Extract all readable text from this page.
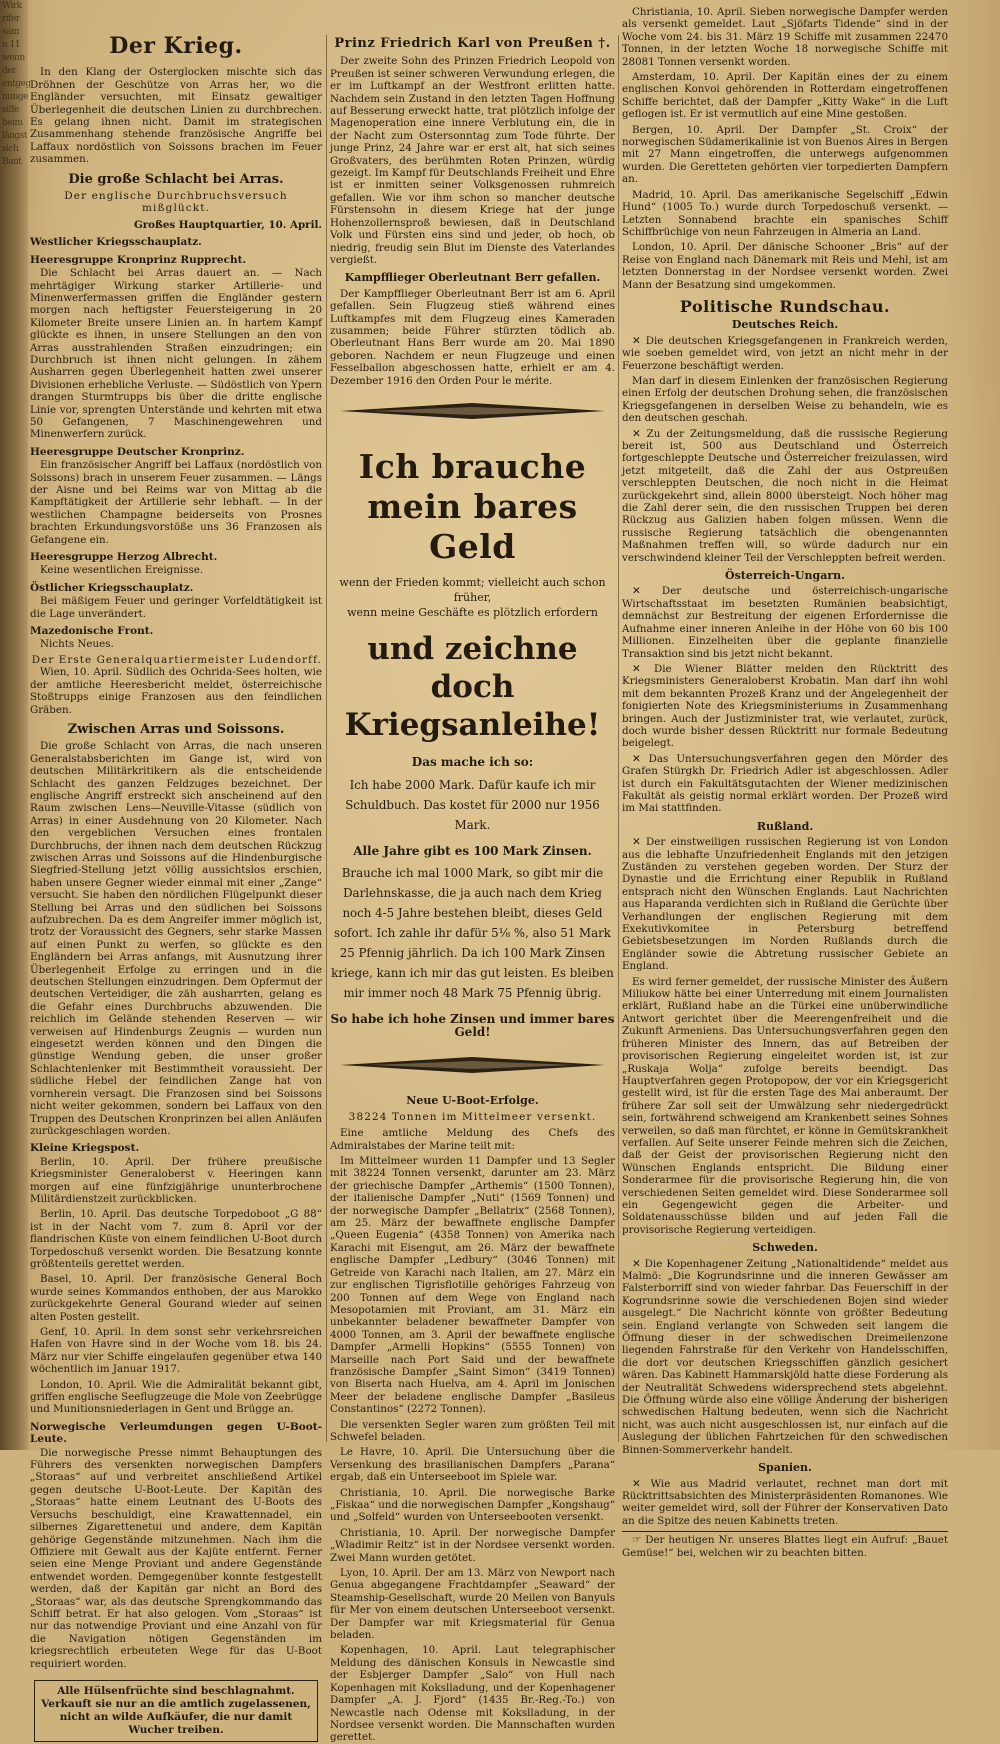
Wirk
rifer
sam
n 11
wenn
der
entgeg
nunge
siffe
beim
längst
sich
Bant
Der Krieg.

In den Klang der Osterglocken mischte sich das Dröhnen der Geschütze von Arras her, wo die Engländer versuchten, mit Einsatz gewaltiger Überlegenheit die deutschen Linien zu durchbrechen. Es gelang ihnen nicht. Damit im strategischen Zusammenhang stehende französische Angriffe bei Laffaux nordöstlich von Soissons brachen im Feuer zusammen.

Die große Schlacht bei Arras.
Der englische Durchbruchsversuch mißglückt.
Großes Hauptquartier, 10. April.
Westlicher Kriegsschauplatz.
Heeresgruppe Kronprinz Rupprecht.

Die Schlacht bei Arras dauert an. — Nach mehrtägiger Wirkung starker Artillerie- und Minenwerfermassen griffen die Engländer gestern morgen nach heftigster Feuersteigerung in 20 Kilometer Breite unsere Linien an. In hartem Kampf glückte es ihnen, in unsere Stellungen an den von Arras ausstrahlenden Straßen einzudringen; ein Durchbruch ist ihnen nicht gelungen. In zähem Ausharren gegen Überlegenheit hatten zwei unserer Divisionen erhebliche Verluste. — Südöstlich von Ypern drangen Sturmtrupps bis über die dritte englische Linie vor, sprengten Unterstände und kehrten mit etwa 50 Gefangenen, 7 Maschinengewehren und Minenwerfern zurück.

Heeresgruppe Deutscher Kronprinz.

Ein französischer Angriff bei Laffaux (nordöstlich von Soissons) brach in unserem Feuer zusammen. — Längs der Aisne und bei Reims war von Mittag ab die Kampftätigkeit der Artillerie sehr lebhaft. — In der westlichen Champagne beiderseits von Prosnes brachten Erkundungsvorstöße uns 36 Franzosen als Gefangene ein.

Heeresgruppe Herzog Albrecht.

Keine wesentlichen Ereignisse.

Östlicher Kriegsschauplatz.

Bei mäßigem Feuer und geringer Vorfeldtätigkeit ist die Lage unverändert.

Mazedonische Front.

Nichts Neues.

Der Erste Generalquartiermeister Ludendorff.

Wien, 10. April. Südlich des Ochrida-Sees holten, wie der amtliche Heeresbericht meldet, österreichische Stoßtrupps einige Franzosen aus den feindlichen Gräben.

Zwischen Arras und Soissons.

Die große Schlacht von Arras, die nach unseren Generalstabsberichten im Gange ist, wird von deutschen Militärkritikern als die entscheidende Schlacht des ganzen Feldzuges bezeichnet. Der englische Angriff erstreckt sich anscheinend auf den Raum zwischen Lens—Neuville-Vitasse (südlich von Arras) in einer Ausdehnung von 20 Kilometer. Nach den vergeblichen Versuchen eines frontalen Durchbruchs, der ihnen nach dem deutschen Rückzug zwischen Arras und Soissons auf die Hindenburgische Siegfried-Stellung jetzt völlig aussichtslos erschien, haben unsere Gegner wieder einmal mit einer „Zange“ versucht. Sie haben den nördlichen Flügelpunkt dieser Stellung bei Arras und den südlichen bei Soissons aufzubrechen. Da es dem Angreifer immer möglich ist, trotz der Voraussicht des Gegners, sehr starke Massen auf einen Punkt zu werfen, so glückte es den Engländern bei Arras anfangs, mit Ausnutzung ihrer Überlegenheit Erfolge zu erringen und in die deutschen Stellungen einzudringen. Dem Opfermut der deutschen Verteidiger, die zäh ausharrten, gelang es die Gefahr eines Durchbruchs abzuwenden. Die reichlich im Gelände stehenden Reserven — wir verweisen auf Hindenburgs Zeugnis — wurden nun eingesetzt werden können und den Dingen die günstige Wendung geben, die unser großer Schlachtenlenker mit Bestimmtheit voraussieht. Der südliche Hebel der feindlichen Zange hat von vornherein versagt. Die Franzosen sind bei Soissons nicht weiter gekommen, sondern bei Laffaux von den Truppen des Deutschen Kronprinzen bei allen Anläufen zurückgeschlagen worden.

Kleine Kriegspost.

Berlin, 10. April. Der frühere preußische Kriegsminister Generaloberst v. Heeringen kann morgen auf eine fünfzigjährige ununterbrochene Militärdienstzeit zurückblicken.

Berlin, 10. April. Das deutsche Torpedoboot „G 88“ ist in der Nacht vom 7. zum 8. April vor der flandrischen Küste von einem feindlichen U-Boot durch Torpedoschuß versenkt worden. Die Besatzung konnte größtenteils gerettet werden.

Basel, 10. April. Der französische General Boch wurde seines Kommandos enthoben, der aus Marokko zurückgekehrte General Gourand wieder auf seinen alten Posten gestellt.

Genf, 10. April. In dem sonst sehr verkehrsreichen Hafen von Havre sind in der Woche vom 18. bis 24. März nur vier Schiffe eingelaufen gegenüber etwa 140 wöchentlich im Januar 1917.

London, 10. April. Wie die Admiralität bekannt gibt, griffen englische Seeflugzeuge die Mole von Zeebrügge und Munitionsniederlagen in Gent und Brügge an.

Norwegische Verleumdungen gegen U-Boot-Leute.

Die norwegische Presse nimmt Behauptungen des Führers des versenkten norwegischen Dampfers „Storaas“ auf und verbreitet anschließend Artikel gegen deutsche U-Boot-Leute. Der Kapitän des „Storaas“ hatte einem Leutnant des U-Boots des Versuchs beschuldigt, eine Krawattennadel, ein silbernes Zigarettenetui und andere, dem Kapitän gehörige Gegenstände mitzunehmen. Nach ihm die Offiziere mit Gewalt aus der Kajüte entfernt. Ferner seien eine Menge Proviant und andere Gegenstände entwendet worden. Demgegenüber konnte festgestellt werden, daß der Kapitän gar nicht an Bord des „Storaas“ war, als das deutsche Sprengkommando das Schiff betrat. Er hat also gelogen. Vom „Storaas“ ist nur das notwendige Proviant und eine Anzahl von für die Navigation nötigen Gegenständen im kriegsrechtlich erbeuteten Wege für das U-Boot requiriert worden.

Alle Hülsenfrüchte sind beschlagnahmt. Verkauft sie nur an die amtlich zugelassenen, nicht an wilde Aufkäufer, die nur damit Wucher treiben.
Prinz Friedrich Karl von Preußen †.

Der zweite Sohn des Prinzen Friedrich Leopold von Preußen ist seiner schweren Verwundung erlegen, die er im Luftkampf an der Westfront erlitten hatte. Nachdem sein Zustand in den letzten Tagen Hoffnung auf Besserung erweckt hatte, trat plötzlich infolge der Magenoperation eine innere Verblutung ein, die in der Nacht zum Ostersonntag zum Tode führte. Der junge Prinz, 24 Jahre war er erst alt, hat sich seines Großvaters, des berühmten Roten Prinzen, würdig gezeigt. Im Kampf für Deutschlands Freiheit und Ehre ist er inmitten seiner Volksgenossen ruhmreich gefallen. Wie vor ihm schon so mancher deutsche Fürstensohn in diesem Kriege hat der junge Hohenzollernsproß bewiesen, daß in Deutschland Volk und Fürsten eins sind und jeder, ob hoch, ob niedrig, freudig sein Blut im Dienste des Vaterlandes vergießt.

Kampfflieger Oberleutnant Berr gefallen.

Der Kampfflieger Oberleutnant Berr ist am 6. April gefallen. Sein Flugzeug stieß während eines Luftkampfes mit dem Flugzeug eines Kameraden zusammen; beide Führer stürzten tödlich ab. Oberleutnant Hans Berr wurde am 20. Mai 1890 geboren. Nachdem er neun Flugzeuge und einen Fesselballon abgeschossen hatte, erhielt er am 4. Dezember 1916 den Orden Pour le mérite.

Ich brauche
mein bares Geld
wenn der Frieden kommt; vielleicht auch schon früher,
wenn meine Geschäfte es plötzlich erfordern
und zeichne doch
Kriegsanleihe!
Das mache ich so:
Ich habe 2000 Mark. Dafür kaufe ich mir Schuldbuch. Das kostet für 2000 nur 1956 Mark.
Alle Jahre gibt es 100 Mark Zinsen.
Brauche ich mal 1000 Mark, so gibt mir die Darlehnskasse, die ja auch nach dem Krieg noch 4-5 Jahre bestehen bleibt, dieses Geld sofort. Ich zahle ihr dafür 5⅛ %, also 51 Mark 25 Pfennig jährlich. Da ich 100 Mark Zinsen kriege, kann ich mir das gut leisten. Es bleiben mir immer noch 48 Mark 75 Pfennig übrig.
So habe ich hohe Zinsen und immer bares Geld!
Neue U-Boot-Erfolge.
38224 Tonnen im Mittelmeer versenkt.

Eine amtliche Meldung des Chefs des Admiralstabes der Marine teilt mit:

Im Mittelmeer wurden 11 Dampfer und 13 Segler mit 38224 Tonnen versenkt, darunter am 23. März der griechische Dampfer „Arthemis“ (1500 Tonnen), der italienische Dampfer „Nuti“ (1569 Tonnen) und der norwegische Dampfer „Bellatrix“ (2568 Tonnen), am 25. März der bewaffnete englische Dampfer „Queen Eugenia“ (4358 Tonnen) von Amerika nach Karachi mit Eisengut, am 26. März der bewaffnete englische Dampfer „Ledbury“ (3046 Tonnen) mit Getreide von Karachi nach Italien, am 27. März ein zur englischen Tigrisflotille gehöriges Fahrzeug von 200 Tonnen auf dem Wege von England nach Mesopotamien mit Proviant, am 31. März ein unbekannter beladener bewaffneter Dampfer von 4000 Tonnen, am 3. April der bewaffnete englische Dampfer „Armelli Hopkins“ (5555 Tonnen) von Marseille nach Port Said und der bewaffnete französische Dampfer „Saint Simon“ (3419 Tonnen) von Biserta nach Huelva, am 4. April im Jonischen Meer der beladene englische Dampfer „Basileus Constantinos“ (2272 Tonnen).

Die versenkten Segler waren zum größten Teil mit Schwefel beladen.

Le Havre, 10. April. Die Untersuchung über die Versenkung des brasilianischen Dampfers „Parana“ ergab, daß ein Unterseeboot im Spiele war.

Christiania, 10. April. Die norwegische Barke „Fiskaa“ und die norwegischen Dampfer „Kongshaug“ und „Solfeld“ wurden von Unterseebooten versenkt.

Christiania, 10. April. Der norwegische Dampfer „Wladimir Reitz“ ist in der Nordsee versenkt worden. Zwei Mann wurden getötet.

Lyon, 10. April. Der am 13. März von Newport nach Genua abgegangene Frachtdampfer „Seaward“ der Steamship-Gesellschaft, wurde 20 Meilen von Banyuls für Mer von einem deutschen Unterseeboot versenkt. Der Dampfer war mit Kriegsmaterial für Genua beladen.

Kopenhagen, 10. April. Laut telegraphischer Meldung des dänischen Konsuls in Newcastle sind der Esbjerger Dampfer „Salo“ von Hull nach Kopenhagen mit Kokslladung, und der Kopenhagener Dampfer „A. J. Fjord“ (1435 Br.-Reg.-To.) von Newcastle nach Odense mit Kokslladung, in der Nordsee versenkt worden. Die Mannschaften wurden gerettet.

Christiania, 10. April. Sieben norwegische Dampfer werden als versenkt gemeldet. Laut „Sjöfarts Tidende“ sind in der Woche vom 24. bis 31. März 19 Schiffe mit zusammen 22470 Tonnen, in der letzten Woche 18 norwegische Schiffe mit 28081 Tonnen versenkt worden.

Amsterdam, 10. April. Der Kapitän eines der zu einem englischen Konvoi gehörenden in Rotterdam eingetroffenen Schiffe berichtet, daß der Dampfer „Kitty Wake“ in die Luft geflogen ist. Er ist vermutlich auf eine Mine gestoßen.

Bergen, 10. April. Der Dampfer „St. Croix“ der norwegischen Südamerikalinie ist von Buenos Aires in Bergen mit 27 Mann eingetroffen, die unterwegs aufgenommen wurden. Die Geretteten gehörten vier torpedierten Dampfern an.

Madrid, 10. April. Das amerikanische Segelschiff „Edwin Hund“ (1005 To.) wurde durch Torpedoschuß versenkt. — Letzten Sonnabend brachte ein spanisches Schiff Schiffbrüchige von neun Fahrzeugen in Almeria an Land.

London, 10. April. Der dänische Schooner „Bris“ auf der Reise von England nach Dänemark mit Reis und Mehl, ist am letzten Donnerstag in der Nordsee versenkt worden. Zwei Mann der Besatzung sind umgekommen.

Politische Rundschau.
Deutsches Reich.

✕ Die deutschen Kriegsgefangenen in Frankreich werden, wie soeben gemeldet wird, von jetzt an nicht mehr in der Feuerzone beschäftigt werden.

Man darf in diesem Einlenken der französischen Regierung einen Erfolg der deutschen Drohung sehen, die französischen Kriegsgefangenen in derselben Weise zu behandeln, wie es den deutschen geschah.

✕ Zu der Zeitungsmeldung, daß die russische Regierung bereit ist, 500 aus Deutschland und Österreich fortgeschleppte Deutsche und Österreicher freizulassen, wird jetzt mitgeteilt, daß die Zahl der aus Ostpreußen verschleppten Deutschen, die noch nicht in die Heimat zurückgekehrt sind, allein 8000 übersteigt. Noch höher mag die Zahl derer sein, die den russischen Truppen bei deren Rückzug aus Galizien haben folgen müssen. Wenn die russische Regierung tatsächlich die obengenannten Maßnahmen treffen will, so würde dadurch nur ein verschwindend kleiner Teil der Verschleppten befreit werden.

Österreich-Ungarn.

✕ Der deutsche und österreichisch-ungarische Wirtschaftsstaat im besetzten Rumänien beabsichtigt, demnächst zur Bestreitung der eigenen Erfordernisse die Aufnahme einer inneren Anleihe in der Höhe von 60 bis 100 Millionen. Einzelheiten über die geplante finanzielle Transaktion sind bis jetzt nicht bekannt.

✕ Die Wiener Blätter melden den Rücktritt des Kriegsministers Generaloberst Krobatin. Man darf ihn wohl mit dem bekannten Prozeß Kranz und der Angelegenheit der fonigierten Note des Kriegsministeriums in Zusammenhang bringen. Auch der Justizminister trat, wie verlautet, zurück, doch wurde bisher dessen Rücktritt nur formale Bedeutung beigelegt.

✕ Das Untersuchungsverfahren gegen den Mörder des Grafen Stürgkh Dr. Friedrich Adler ist abgeschlossen. Adler ist durch ein Fakultätsgutachten der Wiener medizinischen Fakultät als geistig normal erklärt worden. Der Prozeß wird im Mai stattfinden.

Rußland.

✕ Der einstweiligen russischen Regierung ist von London aus die lebhafte Unzufriedenheit Englands mit den jetzigen Zuständen zu verstehen gegeben worden. Der Sturz der Dynastie und die Errichtung einer Republik in Rußland entsprach nicht den Wünschen Englands. Laut Nachrichten aus Haparanda verdichten sich in Rußland die Gerüchte über Verhandlungen der englischen Regierung mit dem Exekutivkomitee in Petersburg betreffend Gebietsbesetzungen im Norden Rußlands durch die Engländer sowie die Abtretung russischer Gebiete an England.

Es wird ferner gemeldet, der russische Minister des Äußern Miliukow hätte bei einer Unterredung mit einem Journalisten erklärt, Rußland habe an die Türkei eine unüberwindliche Antwort gerichtet über die Meerengenfreiheit und die Zukunft Armeniens. Das Untersuchungsverfahren gegen den früheren Minister des Innern, das auf Betreiben der provisorischen Regierung eingeleitet worden ist, ist zur „Ruskaja Wolja“ zufolge bereits beendigt. Das Hauptverfahren gegen Protopopow, der vor ein Kriegsgericht gestellt wird, ist für die ersten Tage des Mai anberaumt. Der frühere Zar soll seit der Umwälzung sehr niedergedrückt sein, fortwährend schweigend am Krankenbett seines Sohnes verweilen, so daß man fürchtet, er könne in Gemütskrankheit verfallen. Auf Seite unserer Feinde mehren sich die Zeichen, daß der Geist der provisorischen Regierung nicht den Wünschen Englands entspricht. Die Bildung einer Sonderarmee für die provisorische Regierung hin, die von verschiedenen Seiten gemeldet wird. Diese Sonderarmee soll ein Gegengewicht gegen die Arbeiter- und Soldatenausschüsse bilden und auf jeden Fall die provisorische Regierung verteidigen.

Schweden.

✕ Die Kopenhagener Zeitung „Nationaltidende“ meldet aus Malmö: „Die Kogrundsrinne und die inneren Gewässer am Falsterborriff sind von wieder fahrbar. Das Feuerschiff in der Kogrundsrinne sowie die verschiedenen Bojen sind wieder ausgelegt.“ Die Nachricht könnte von größter Bedeutung sein. England verlangte von Schweden seit langem die Öffnung dieser in der schwedischen Dreimeilenzone liegenden Fahrstraße für den Verkehr von Handelsschiffen, die dort vor deutschen Kriegsschiffen gänzlich gesichert wären. Das Kabinett Hammarskjöld hatte diese Forderung als der Neutralität Schwedens widersprechend stets abgelehnt. Die Öffnung würde also eine völlige Änderung der bisherigen schwedischen Haltung bedeuten, wenn sich die Nachricht nicht, was auch nicht ausgeschlossen ist, nur einfach auf die Auslegung der üblichen Fahrtzeichen für den schwedischen Binnen-Sommerverkehr handelt.

Spanien.

✕ Wie aus Madrid verlautet, rechnet man dort mit Rücktrittsabsichten des Ministerpräsidenten Romanones. Wie weiter gemeldet wird, soll der Führer der Konservativen Dato an die Spitze des neuen Kabinetts treten.

☞ Der heutigen Nr. unseres Blattes liegt ein Aufruf: „Bauet Gemüse!“ bei, welchen wir zu beachten bitten.
